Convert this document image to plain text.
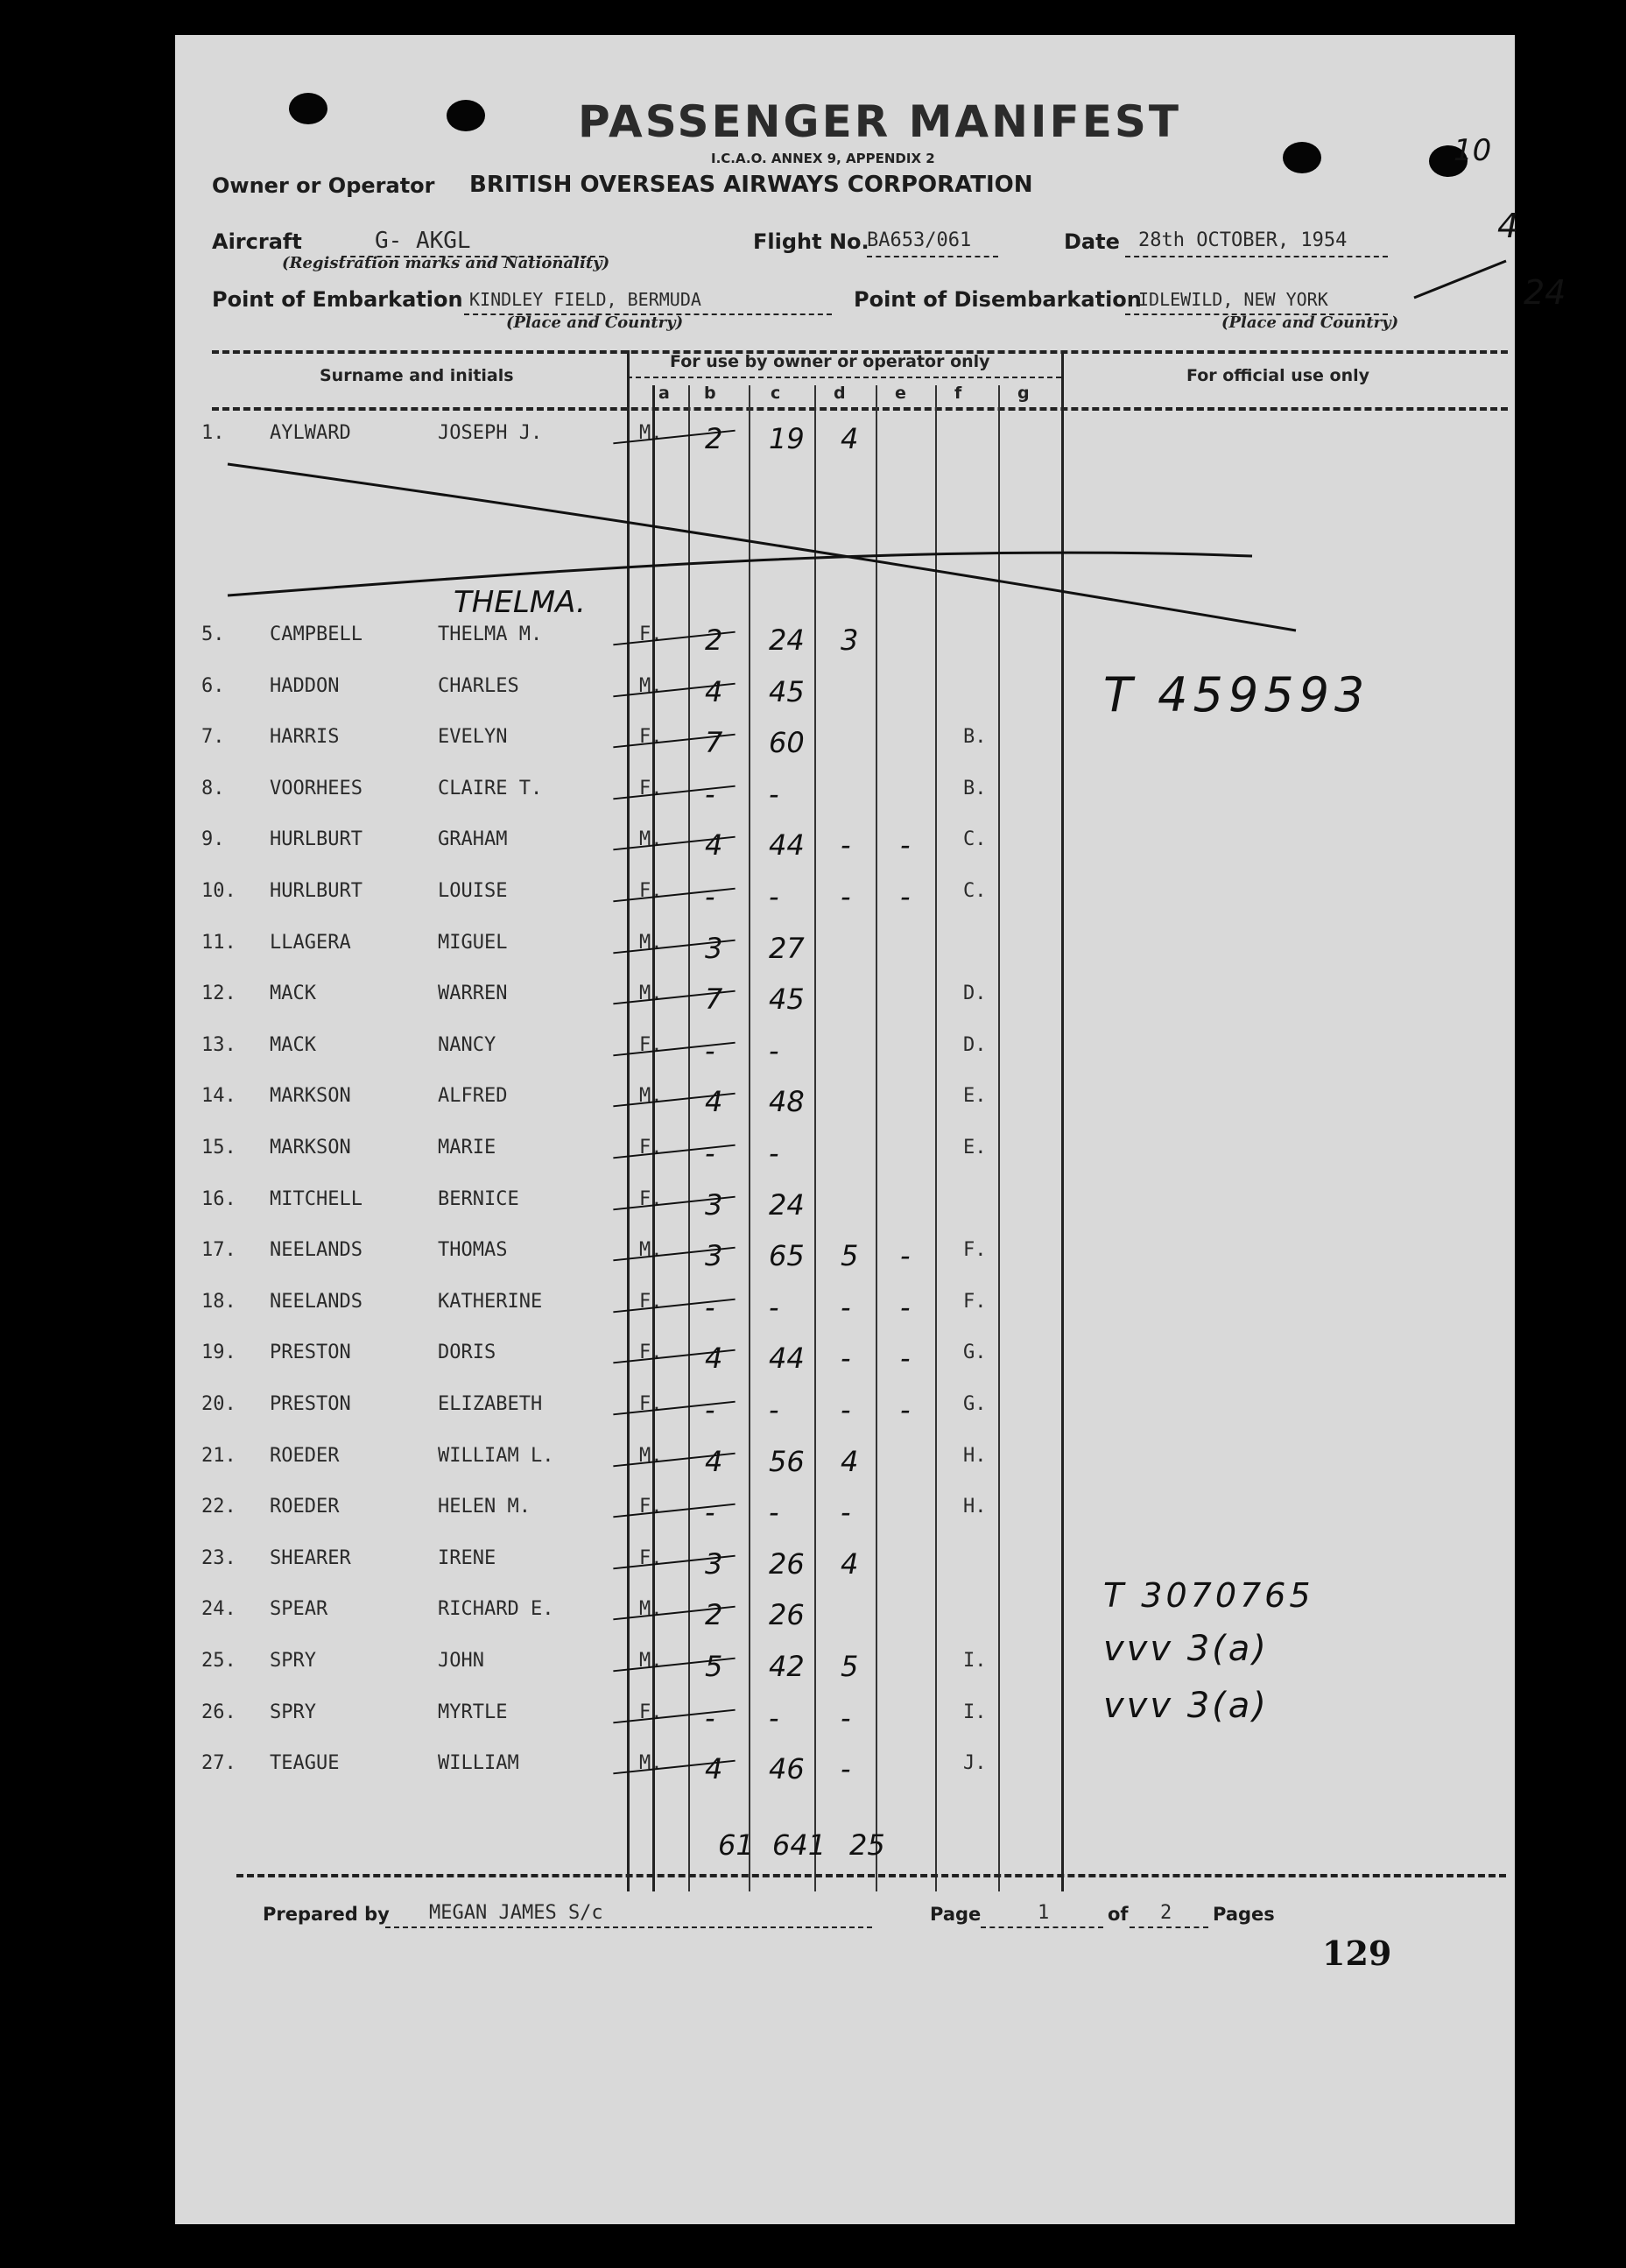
PASSENGER MANIFEST
I.C.A.O. ANNEX 9, APPENDIX 2	10
Owner or Operator BRITISH OVERSEAS AIRWAYS CORPORATION
Aircraft	G- AKGL
(Registration marks and Nationality)
Flight No.
BA653/061	Date 28th OCTOBER, 1954	4
24
Point of Embarkation KINDLEY FIELD, BERMUDA	Point of Disembarkation
IDLEWILD, NEW YORK
(Place and Country)	(Place and Country)
Surname and initials
For use by owner or operator only
For official use only
a b	c	d	e	f	g
1. AYLWARD	JOSEPH J.	M. 2 19 4
5. CAMPBELL	THELMA M.	F. 2 24 3
6. HADDON	CHARLES	M. 4 45
7. HARRIS	EVELYN	F. 7 60	B.
8. VOORHEES	CLAIRE T.	F. - -	B.
9. HURLBURT	GRAHAM	M. 4 44 - -	C.
10. HURLBURT	LOUISE	F. - - - -	C.
11. LLAGERA	MIGUEL	M. 3 27
12. MACK	WARREN	M. 7 45	D.
13. MACK	NANCY	F. - -	D.
14. MARKSON	ALFRED	M. 4 48	E.
15. MARKSON	MARIE	F. - -	E.
16. MITCHELL	BERNICE	F. 3 24
17. NEELANDS	THOMAS	M. 3 65 5 -	F.
18. NEELANDS	KATHERINE	F. - - - -	F.
19. PRESTON	DORIS	F. 4 44 - -	G.
20. PRESTON	ELIZABETH	F. - - - -	G.
21. ROEDER	WILLIAM L.	M. 4 56 4	H.
22. ROEDER	HELEN M.	F. - - -	H.
23. SHEARER	IRENE	F. 3 26 4
24. SPEAR	RICHARD E.	M. 2 26
25. SPRY	JOHN	M. 5 42 5	I.
26. SPRY	MYRTLE	F. - - -	I.
27. TEAGUE	WILLIAM	M. 4 46 -	J.
THELMA.
T 459593
T 3070765
vvv 3(a)
vvv 3(a)
61 641 25
Prepared by MEGAN JAMES S/c	Page	1	of 2 Pages
129
